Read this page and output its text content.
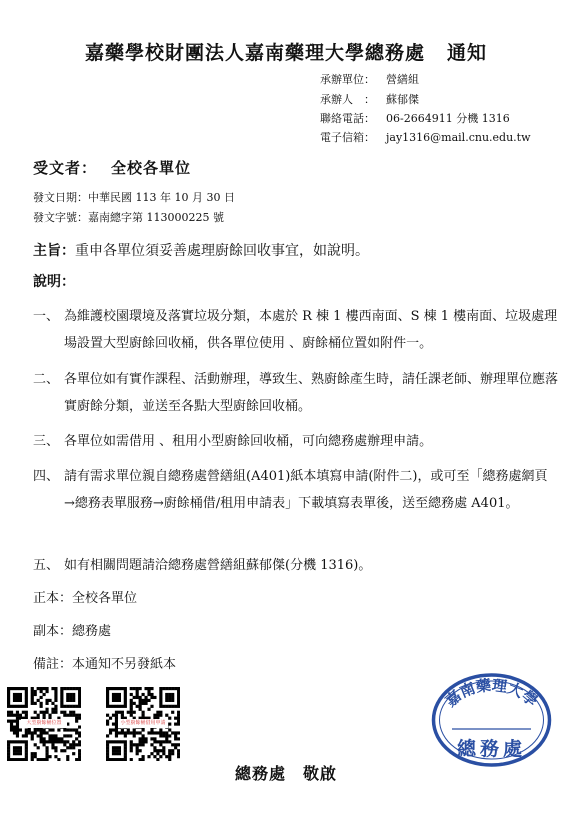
嘉藥學校財團法人嘉南藥理大學總務處 通知
承辦單位： 營繕組
承辦人　： 蘇郁傑
聯絡電話： 06-2664911 分機 1316
電子信箱： jay1316@mail.cnu.edu.tw
受文者： 全校各單位
發文日期：中華民國 113 年 10 月 30 日
發文字號：嘉南總字第 113000225 號
主旨：重申各單位須妥善處理廚餘回收事宜，如說明。
說明：
一、 為維護校園環境及落實垃圾分類，本處於 R 棟 1 樓西南面、S 棟 1 樓南面、垃圾處理場設置大型廚餘回收桶，供各單位使用 、廚餘桶位置如附件一。
二、 各單位如有實作課程、活動辦理，導致生、熟廚餘產生時，請任課老師、辦理單位應落實廚餘分類，並送至各點大型廚餘回收桶。
三、 各單位如需借用 、租用小型廚餘回收桶，可向總務處辦理申請。
四、 請有需求單位親自總務處營繕組(A401)紙本填寫申請(附件二)，或可至「總務處網頁→總務表單服務→廚餘桶借/租用申請表」下載填寫表單後，送至總務處 A401。
五、 如有相關問題請洽總務處營繕組蘇郁傑(分機 1316)。
正本：全校各單位
副本：總務處
備註：本通知不另發紙本
大型廚餘桶位置	小型廚餘桶借用申請
嘉南藥理大學
總務處
總務處　敬啟
